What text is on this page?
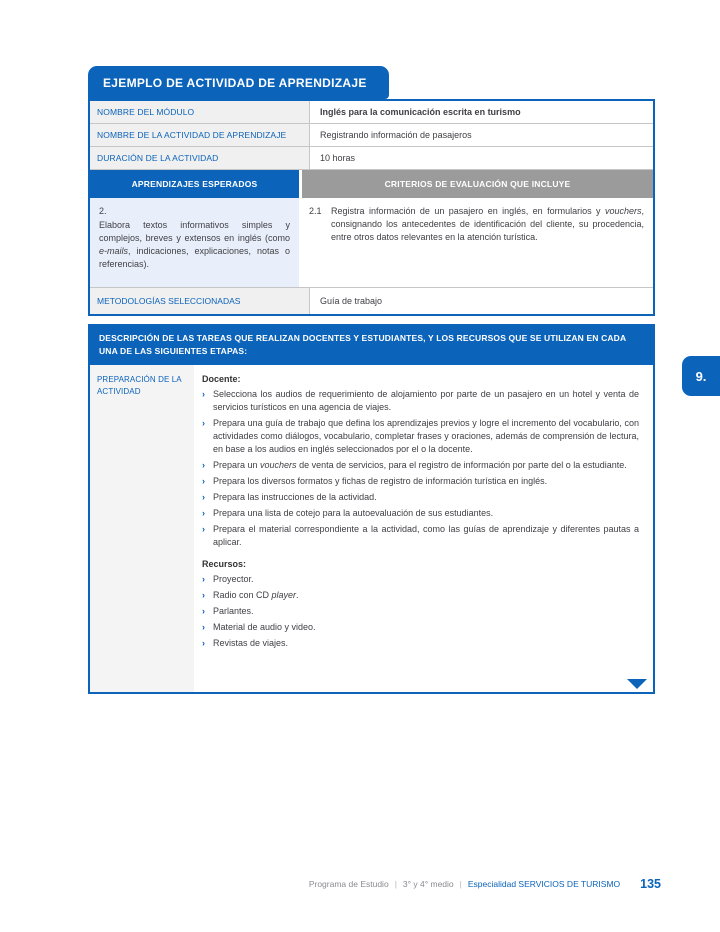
EJEMPLO DE ACTIVIDAD DE APRENDIZAJE
NOMBRE DEL MÓDULO	Inglés para la comunicación escrita en turismo
NOMBRE DE LA ACTIVIDAD DE APRENDIZAJE	Registrando información de pasajeros
DURACIÓN DE LA ACTIVIDAD	10 horas
APRENDIZAJES ESPERADOS	CRITERIOS DE EVALUACIÓN QUE INCLUYE
2.
Elabora textos informativos simples y complejos, breves y extensos en inglés (como e-mails, indicaciones, explicaciones, notas o referencias).
2.1	Registra información de un pasajero en inglés, en formularios y vouchers, consignando los antecedentes de identificación del cliente, su procedencia, entre otros datos relevantes en la atención turística.
METODOLOGÍAS SELECCIONADAS	Guía de trabajo
DESCRIPCIÓN DE LAS TAREAS QUE REALIZAN DOCENTES Y ESTUDIANTES, Y LOS RECURSOS QUE SE UTILIZAN EN CADA UNA DE LAS SIGUIENTES ETAPAS:
PREPARACIÓN DE LA ACTIVIDAD
Docente:
› Selecciona los audios de requerimiento de alojamiento por parte de un pasajero en un hotel y venta de servicios turísticos en una agencia de viajes.
› Prepara una guía de trabajo que defina los aprendizajes previos y logre el incremento del vocabulario, con actividades como diálogos, vocabulario, completar frases y oraciones, además de comprensión de lectura, en base a los audios en inglés seleccionados por el o la docente.
› Prepara un vouchers de venta de servicios, para el registro de información por parte del o la estudiante.
› Prepara los diversos formatos y fichas de registro de información turística en inglés.
› Prepara las instrucciones de la actividad.
› Prepara una lista de cotejo para la autoevaluación de sus estudiantes.
› Prepara el material correspondiente a la actividad, como las guías de aprendizaje y diferentes pautas a aplicar.
Recursos:
› Proyector.
› Radio con CD player.
› Parlantes.
› Material de audio y video.
› Revistas de viajes.
9.
Programa de Estudio | 3° y 4° medio | Especialidad SERVICIOS DE TURISMO 135
